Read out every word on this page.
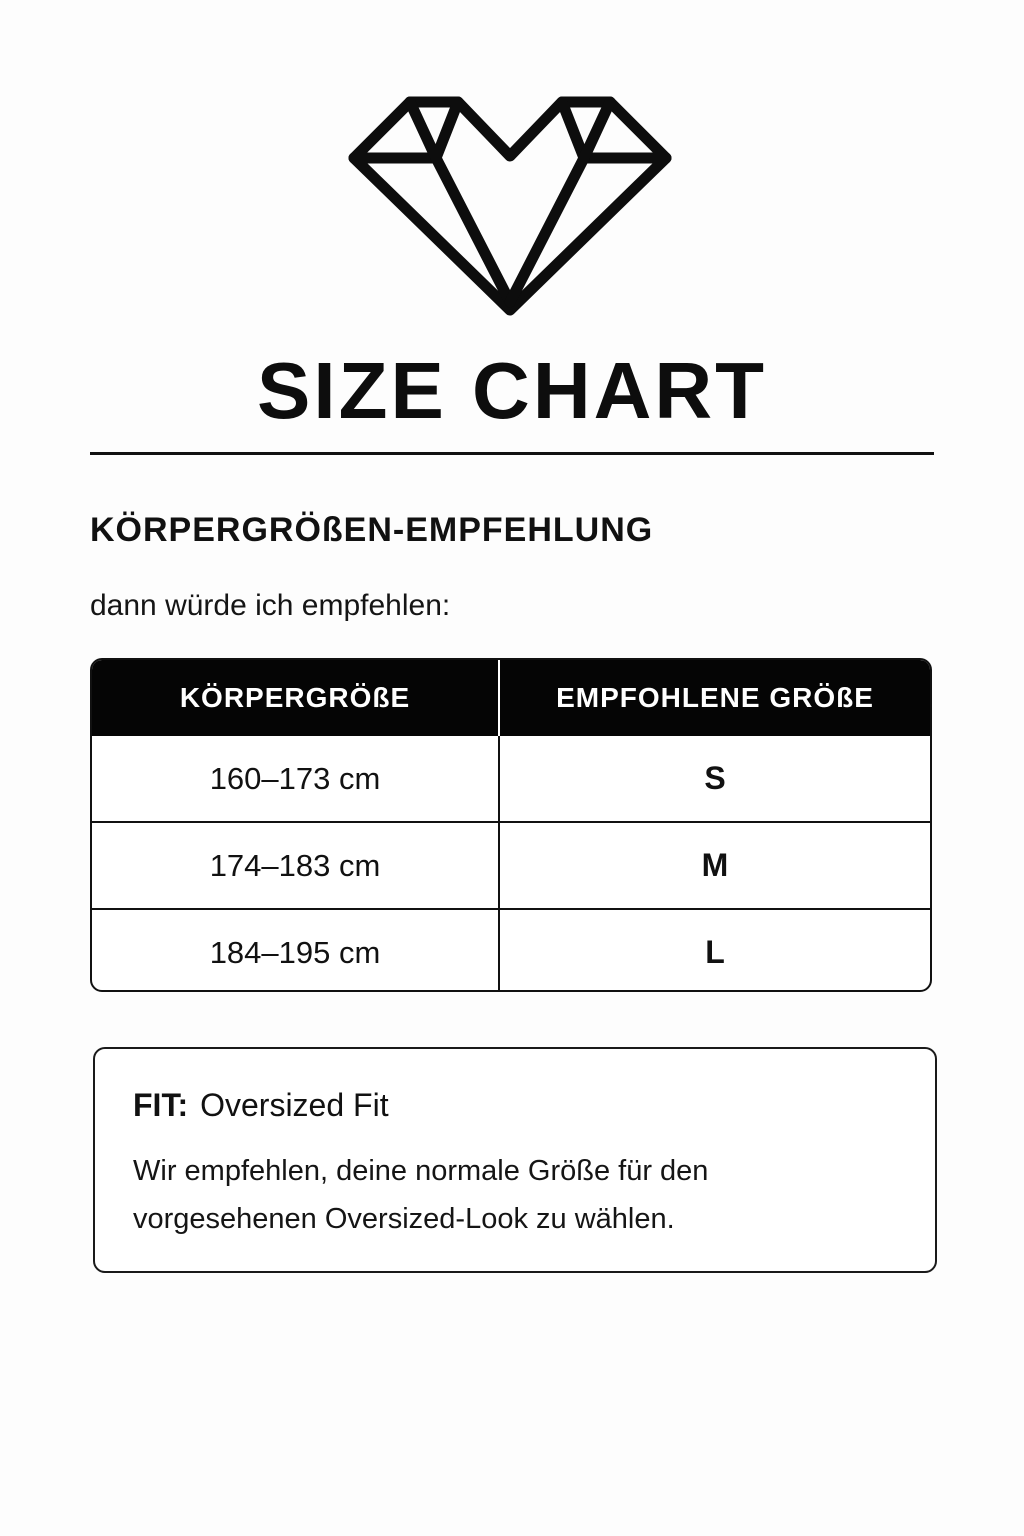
SIZE CHART
KÖRPERGRÖßEN-EMPFEHLUNG
dann würde ich empfehlen:
KÖRPERGRÖßE	EMPFOHLENE GRÖßE
160–173 cm	S
174–183 cm	M
184–195 cm	L
FIT: Oversized Fit
Wir empfehlen, deine normale Größe für den vorgesehenen Oversized-Look zu wählen.
